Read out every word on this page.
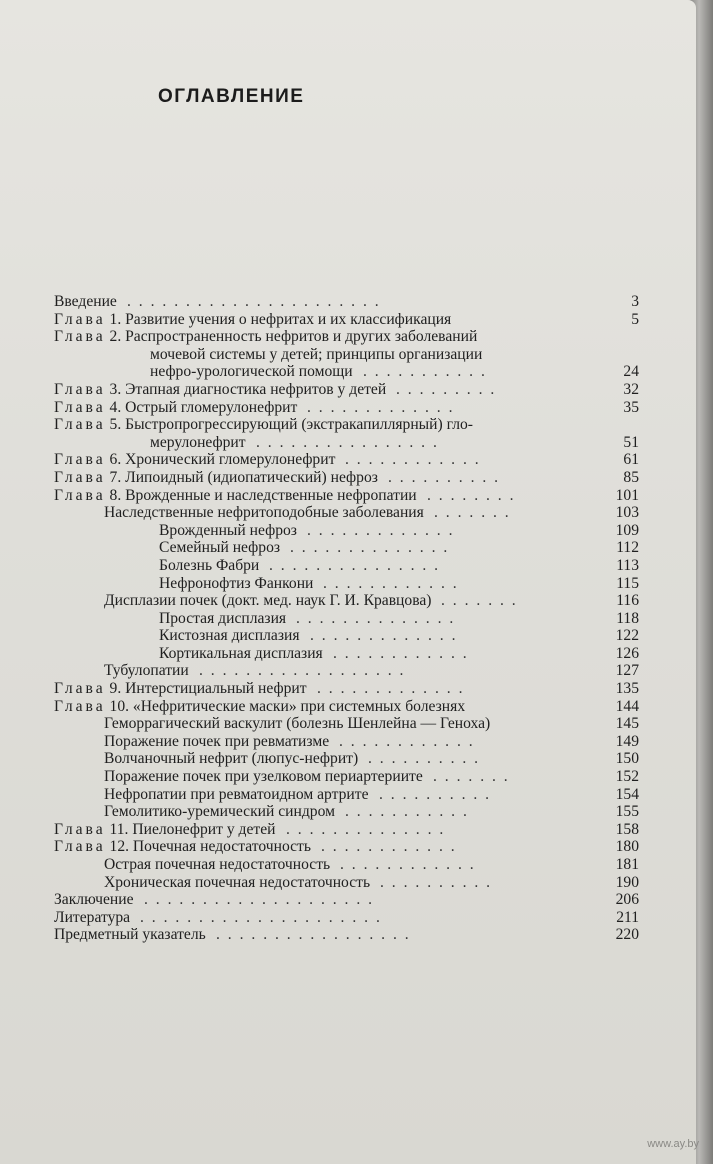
ОГЛАВЛЕНИЕ
Введение	3
. . . . . . . . . . . . . . . . . . . . . .
Глава 1. Развитие учения о нефритах и их классификация	5
Глава 2. Распространенность нефритов и других заболеваний
мочевой системы у детей; принципы организации
нефро-урологической помощи	24
. . . . . . . . . . .
Глава 3. Этапная диагностика нефритов у детей	32
. . . . . . . . .
Глава 4. Острый гломерулонефрит	35
. . . . . . . . . . . . .
Глава 5. Быстропрогрессирующий (экстракапиллярный) гло-
мерулонефрит	51
. . . . . . . . . . . . . . . .
Глава 6. Хронический гломерулонефрит	61
. . . . . . . . . . . .
Глава 7. Липоидный (идиопатический) нефроз	85
. . . . . . . . . .
Глава 8. Врожденные и наследственные нефропатии	101
. . . . . . . .
Наследственные нефритоподобные заболевания	103
. . . . . . .
Врожденный нефроз	109
. . . . . . . . . . . . .
Семейный нефроз	112
. . . . . . . . . . . . . .
Болезнь Фабри	113
. . . . . . . . . . . . . . .
Нефронофтиз Фанкони	115
. . . . . . . . . . . .
Дисплазии почек (докт. мед. наук Г. И. Кравцова)	116
. . . . . . .
Простая дисплазия	118
. . . . . . . . . . . . . .
Кистозная дисплазия	122
. . . . . . . . . . . . .
Кортикальная дисплазия	126
. . . . . . . . . . . .
Тубулопатии	127
. . . . . . . . . . . . . . . . . .
Глава 9. Интерстициальный нефрит	135
. . . . . . . . . . . . .
Глава 10. «Нефритические маски» при системных болезнях	144
Геморрагический васкулит (болезнь Шенлейна — Геноха)	145
Поражение почек при ревматизме	149
. . . . . . . . . . . .
Волчаночный нефрит (люпус-нефрит)	150
. . . . . . . . . .
Поражение почек при узелковом периартериите	152
. . . . . . .
Нефропатии при ревматоидном артрите	154
. . . . . . . . . .
Гемолитико-уремический синдром	155
. . . . . . . . . . .
Глава 11. Пиелонефрит у детей	158
. . . . . . . . . . . . . .
Глава 12. Почечная недостаточность	180
. . . . . . . . . . . .
Острая почечная недостаточность	181
. . . . . . . . . . . .
Хроническая почечная недостаточность	190
. . . . . . . . . .
Заключение	206
. . . . . . . . . . . . . . . . . . . .
Литература	211
. . . . . . . . . . . . . . . . . . . . .
Предметный указатель	220
. . . . . . . . . . . . . . . . .
www.ay.by
